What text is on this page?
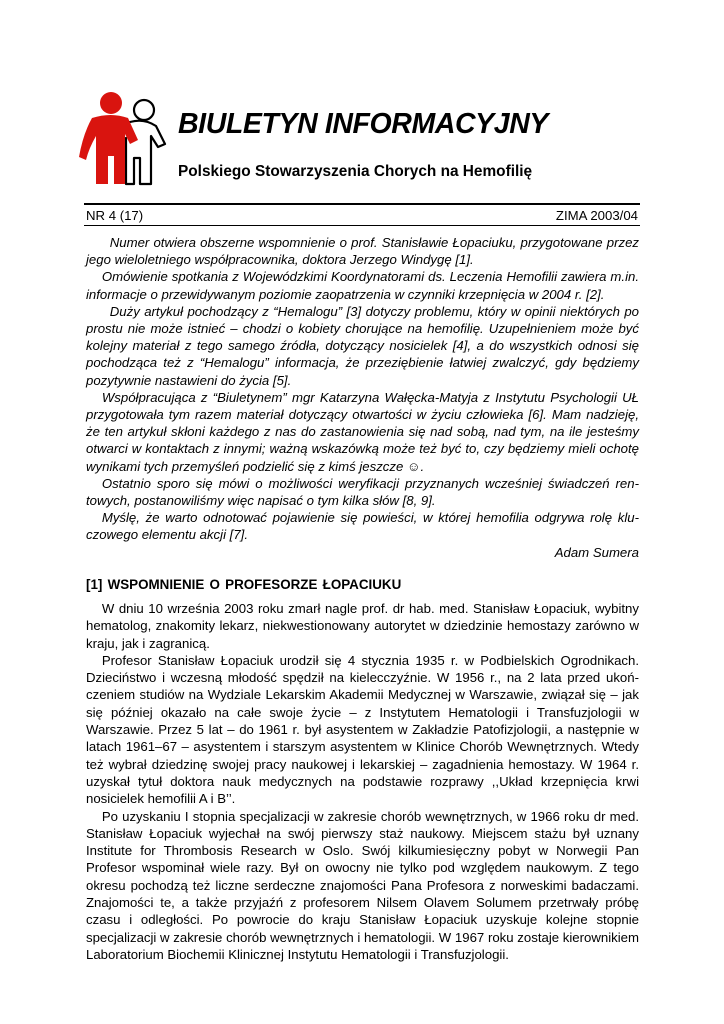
BIULETYN INFORMACYJNY
Polskiego Stowarzyszenia Chorych na Hemofilię
NR 4 (17)	ZIMA 2003/04

Numer otwiera obszerne wspomnienie o prof. Stanisławie Łopaciuku, przygotowane przez jego wieloletniego współpracownika, doktora Jerzego Windygę [1].

Omówienie spotkania z Wojewódzkimi Koordynatorami ds. Leczenia Hemofilii zawiera m.in. informacje o przewidywanym poziomie zaopatrzenia w czynniki krzepnięcia w 2004 r. [2].

Duży artykuł pochodzący z “Hemalogu” [3] dotyczy problemu, który w opinii niektórych po prostu nie może istnieć – chodzi o kobiety chorujące na hemofilię. Uzupełnieniem może być kolejny materiał z tego samego źródła, dotyczący nosicielek [4], a do wszystkich odnosi się pochodząca też z “Hemalogu” informacja, że przeziębienie łatwiej zwalczyć, gdy będziemy pozytywnie nastawieni do życia [5].

Współpracująca z “Biuletynem” mgr Katarzyna Wałęcka-Matyja z Instytutu Psychologii UŁ przygotowała tym razem materiał dotyczący otwartości w życiu człowieka [6]. Mam nadzieję, że ten artykuł skłoni każdego z nas do zastanowienia się nad sobą, nad tym, na ile jesteśmy otwarci w kontaktach z innymi; ważną wskazówką może też być to, czy będziemy mieli ochotę wynikami tych przemyśleń podzielić się z kimś jeszcze ☺.

Ostatnio sporo się mówi o możliwości weryfikacji przyznanych wcześniej świadczeń rentowych, postanowiliśmy więc napisać o tym kilka słów [8, 9].

Myślę, że warto odnotować pojawienie się powieści, w której hemofilia odgrywa rolę kluczowego elementu akcji [7].

Adam Sumera

[1] WSPOMNIENIE O PROFESORZE ŁOPACIUKU

W dniu 10 września 2003 roku zmarł nagle prof. dr hab. med. Stanisław Łopaciuk, wybitny hematolog, znakomity lekarz, niekwestionowany autorytet w dziedzinie hemostazy zarówno w kraju, jak i zagranicą.

Profesor Stanisław Łopaciuk urodził się 4 stycznia 1935 r. w Podbielskich Ogrodnikach. Dzieciństwo i wczesną młodość spędził na kielecczyźnie. W 1956 r., na 2 lata przed ukończeniem studiów na Wydziale Lekarskim Akademii Medycznej w Warszawie, związał się – jak się później okazało na całe swoje życie – z Instytutem Hematologii i Transfuzjologii w Warszawie. Przez 5 lat – do 1961 r. był asystentem w Zakładzie Patofizjologii, a następnie w latach 1961–67 – asystentem i starszym asystentem w Klinice Chorób Wewnętrznych. Wtedy też wybrał dziedzinę swojej pracy naukowej i lekarskiej – zagadnienia hemostazy. W 1964 r. uzyskał tytuł doktora nauk medycznych na podstawie rozprawy ,,Układ krzepnięcia krwi nosicielek hemofilii A i B’’.

Po uzyskaniu I stopnia specjalizacji w zakresie chorób wewnętrznych, w 1966 roku dr med. Stanisław Łopaciuk wyjechał na swój pierwszy staż naukowy. Miejscem stażu był uznany Institute for Thrombosis Research w Oslo. Swój kilkumiesięczny pobyt w Norwegii Pan Profesor wspominał wiele razy. Był on owocny nie tylko pod względem naukowym. Z tego okresu pochodzą też liczne serdeczne znajomości Pana Profesora z norweskimi badaczami. Znajomości te, a także przyjaźń z profesorem Nilsem Olavem Solumem przetrwały próbę czasu i odległości. Po powrocie do kraju Stanisław Łopaciuk uzyskuje kolejne stopnie specjalizacji w zakresie chorób wewnętrznych i hematologii. W 1967 roku zostaje kierownikiem Laboratorium Biochemii Klinicznej Instytutu Hematologii i Transfuzjologii.
